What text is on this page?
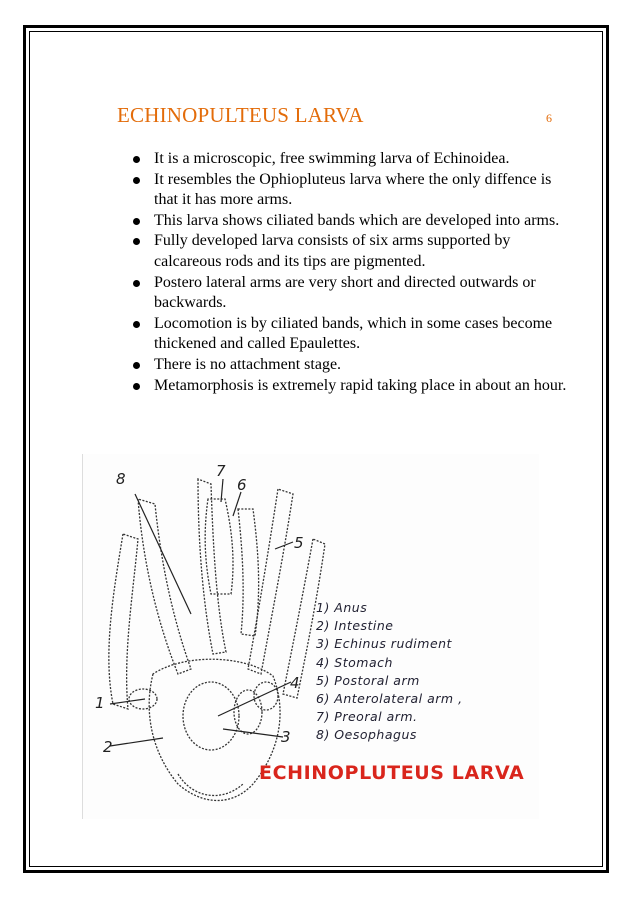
ECHINOPULTEUS LARVA	6
It is a microscopic, free swimming larva of Echinoidea.
It resembles the Ophiopluteus larva where the only diffence is that it has more arms.
This larva shows ciliated bands which are developed into arms.
Fully developed larva consists of six arms supported by calcareous rods and its tips are pigmented.
Postero lateral arms are very short and directed outwards or backwards.
Locomotion is by ciliated bands, which in some cases become thickened and called Epaulettes.
There is no attachment stage.
Metamorphosis is extremely rapid taking place in about an hour.
8	7
6
5
4
1
2
3
1) Anus
2) Intestine
3) Echinus rudiment
4) Stomach
5) Postoral arm
6) Anterolateral arm ,
7) Preoral arm.
8) Oesophagus
ECHINOPLUTEUS LARVA
